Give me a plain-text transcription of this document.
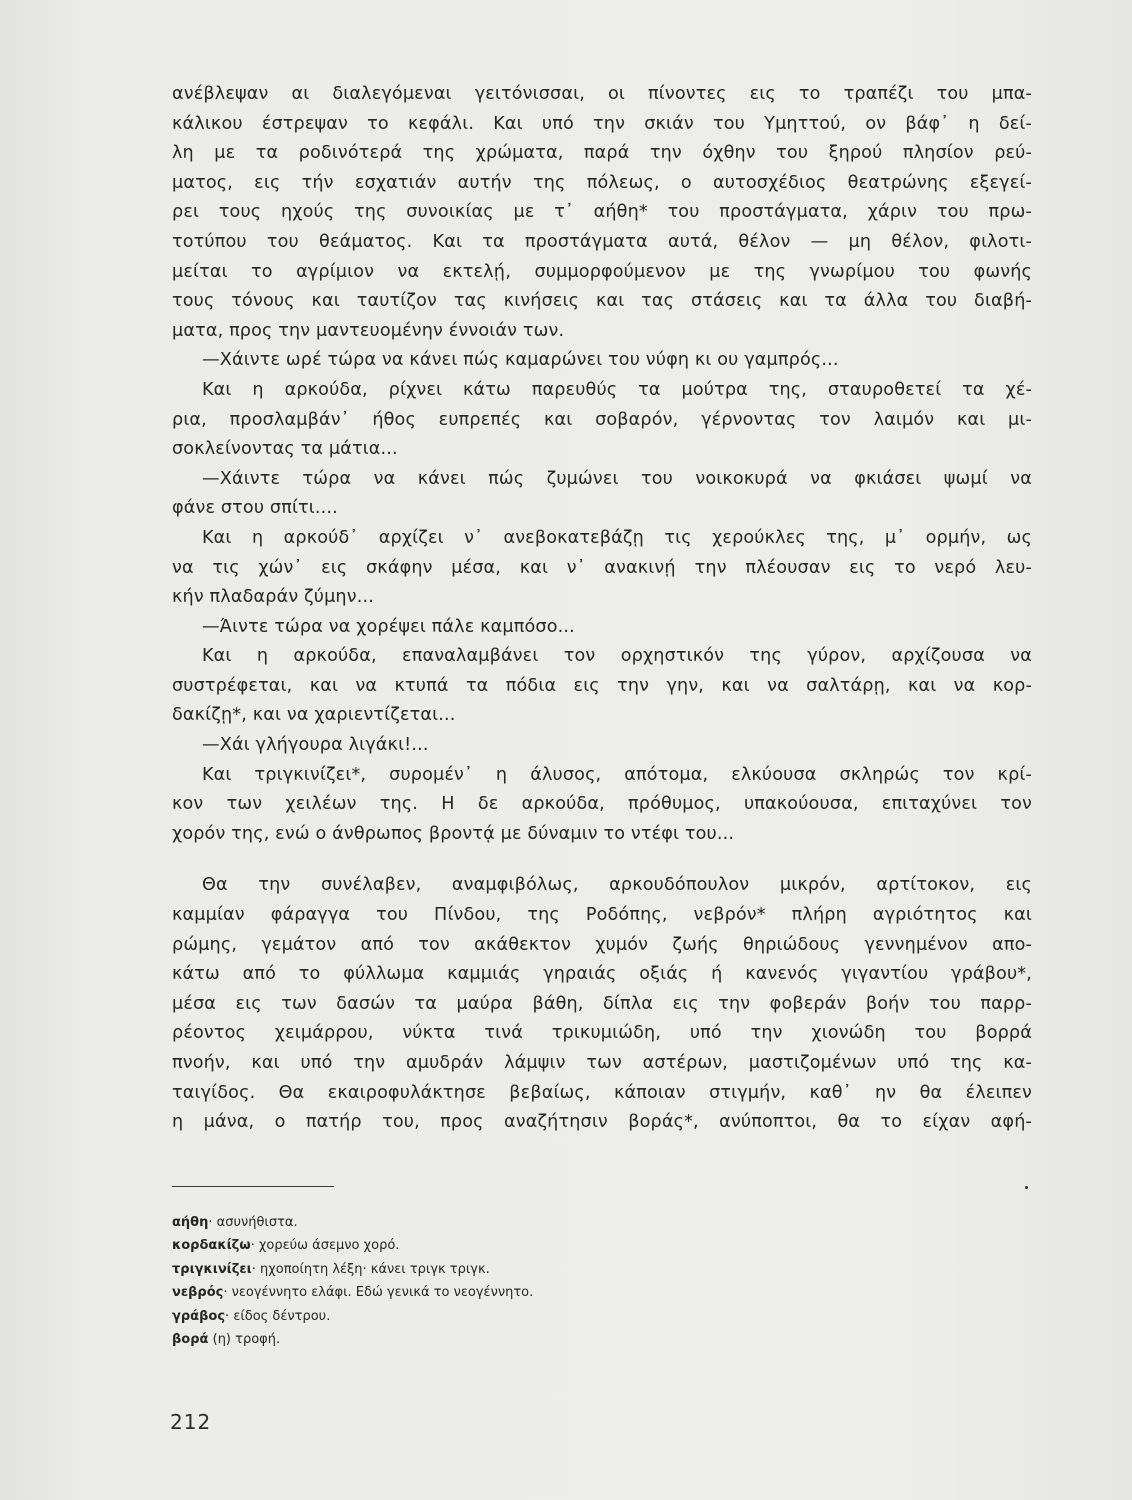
ανέβλεψαν αι διαλεγόμεναι γειτόνισσαι, οι πίνοντες εις το τραπέζι του μπα-
κάλικου έστρεψαν το κεφάλι. Και υπό την σκιάν του Υμηττού, ον βάφ᾽ η δεί-
λη με τα ροδινότερά της χρώματα, παρά την όχθην του ξηρού πλησίον ρεύ-
ματος, εις τήν εσχατιάν αυτήν της πόλεως, ο αυτοσχέδιος θεατρώνης εξεγεί-
ρει τους ηχούς της συνοικίας με τ᾽ αήθη* του προστάγματα, χάριν του πρω-
τοτύπου του θεάματος. Και τα προστάγματα αυτά, θέλον — μη θέλον, φιλοτι-
μείται το αγρίμιον να εκτελῄ, συμμορφούμενον με της γνωρίμου του φωνής
τους τόνους και ταυτίζον τας κινήσεις και τας στάσεις και τα άλλα του διαβή-
ματα, προς την μαντευομένην έννοιάν των.
—Χάιντε ωρέ τώρα να κάνει πώς καμαρώνει του νύφη κι ου γαμπρός...
Και η αρκούδα, ρίχνει κάτω παρευθύς τα μούτρα της, σταυροθετεί τα χέ-
ρια, προσλαμβάν᾽ ήθος ευπρεπές και σοβαρόν, γέρνοντας τον λαιμόν και μι-
σοκλείνοντας τα μάτια...
—Χάιντε τώρα να κάνει πώς ζυμώνει του νοικοκυρά να φκιάσει ψωμί να
φάνε στου σπίτι....
Και η αρκούδ᾽ αρχίζει ν᾽ ανεβοκατεβάζῃ τις χερούκλες της, μ᾽ ορμήν, ως
να τις χών᾽ εις σκάφην μέσα, και ν᾽ ανακινῄ την πλέουσαν εις το νερό λευ-
κήν πλαδαράν ζύμην...
—Άιντε τώρα να χορέψει πάλε καμπόσο...
Και η αρκούδα, επαναλαμβάνει τον ορχηστικόν της γύρον, αρχίζουσα να
συστρέφεται, και να κτυπά τα πόδια εις την γην, και να σαλτάρῃ, και να κορ-
δακίζῃ*, και να χαριεντίζεται...
—Χάι γλήγουρα λιγάκι!...
Και τριγκινίζει*, συρομέν᾽ η άλυσος, απότομα, ελκύουσα σκληρώς τον κρί-
κον των χειλέων της. Η δε αρκούδα, πρόθυμος, υπακούουσα, επιταχύνει τον
χορόν της, ενώ ο άνθρωπος βροντᾴ με δύναμιν το ντέφι του...
Θα την συνέλαβεν, αναμφιβόλως, αρκουδόπουλον μικρόν, αρτίτοκον, εις
καμμίαν φάραγγα του Πίνδου, της Ροδόπης, νεβρόν* πλήρη αγριότητος και
ρώμης, γεμάτον από τον ακάθεκτον χυμόν ζωής θηριώδους γεννημένον απο-
κάτω από το φύλλωμα καμμιάς γηραιάς οξιάς ή κανενός γιγαντίου γράβου*,
μέσα εις των δασών τα μαύρα βάθη, δίπλα εις την φοβεράν βοήν του παρρ-
ρέοντος χειμάρρου, νύκτα τινά τρικυμιώδη, υπό την χιονώδη του βορρά
πνοήν, και υπό την αμυδράν λάμψιν των αστέρων, μαστιζομένων υπό της κα-
ταιγίδος. Θα εκαιροφυλάκτησε βεβαίως, κάποιαν στιγμήν, καθ᾽ ην θα έλειπεν
η μάνα, ο πατήρ του, προς αναζήτησιν βοράς*, ανύποπτοι, θα το είχαν αφή-
αήθη· ασυνήθιστα.
κορδακίζω· χορεύω άσεμνο χορό.
τριγκινίζει· ηχοποίητη λέξη· κάνει τριγκ τριγκ.
νεβρός· νεογέννητο ελάφι. Εδώ γενικά το νεογέννητο.
γράβος· είδος δέντρου.
βορά (η) τροφή.
212
